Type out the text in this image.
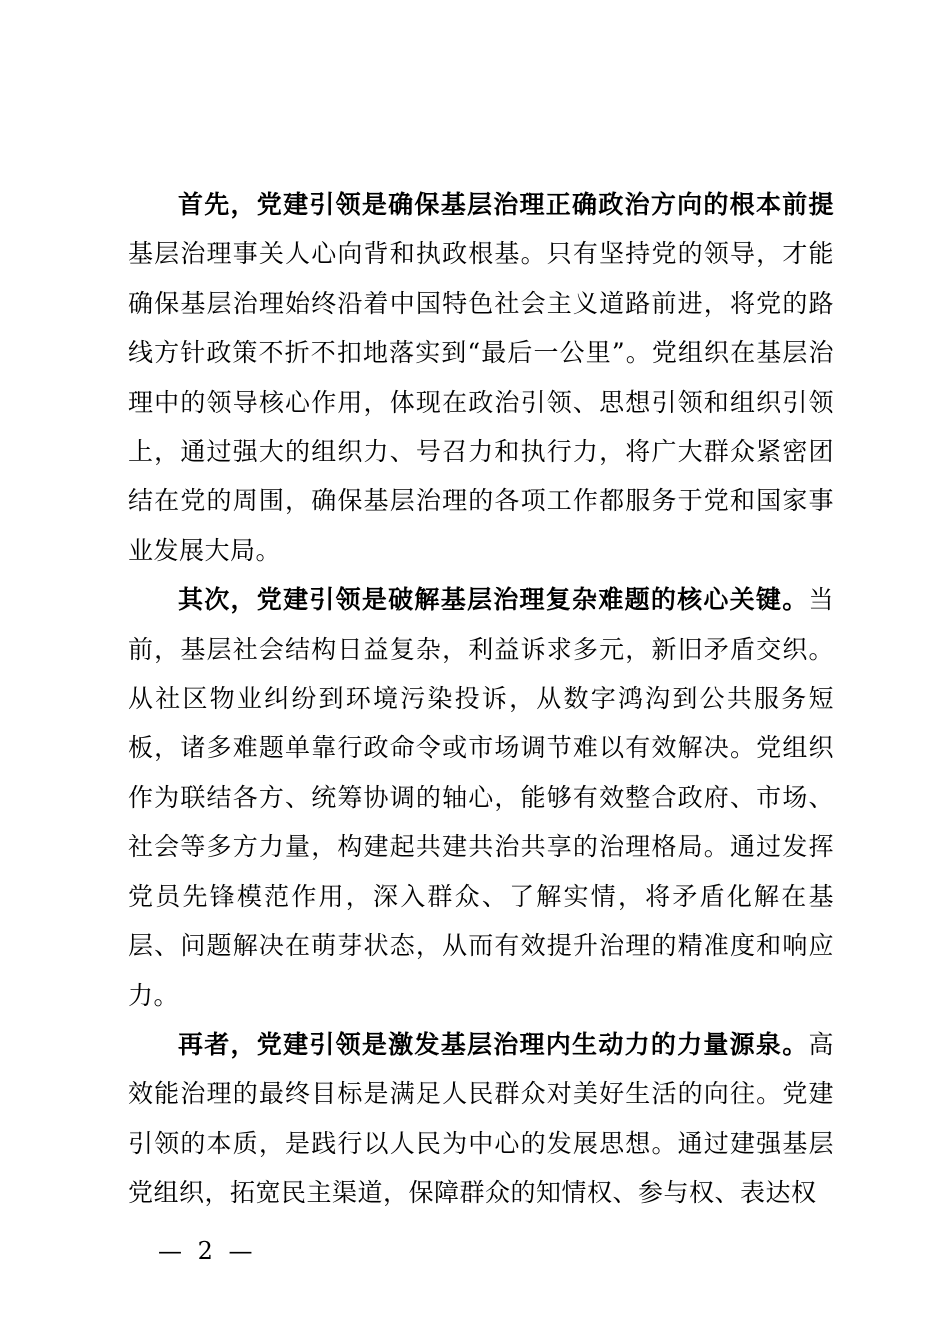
首先，党建引领是确保基层治理正确政治方向的根本前提基层治理事关人心向背和执政根基。只有坚持党的领导，才能确保基层治理始终沿着中国特色社会主义道路前进，将党的路线方针政策不折不扣地落实到“最后一公里”。党组织在基层治理中的领导核心作用，体现在政治引领、思想引领和组织引领上，通过强大的组织力、号召力和执行力，将广大群众紧密团结在党的周围，确保基层治理的各项工作都服务于党和国家事业发展大局。

其次，党建引领是破解基层治理复杂难题的核心关键。当前，基层社会结构日益复杂，利益诉求多元，新旧矛盾交织。从社区物业纠纷到环境污染投诉，从数字鸿沟到公共服务短板，诸多难题单靠行政命令或市场调节难以有效解决。党组织作为联结各方、统筹协调的轴心，能够有效整合政府、市场、社会等多方力量，构建起共建共治共享的治理格局。通过发挥党员先锋模范作用，深入群众、了解实情，将矛盾化解在基层、问题解决在萌芽状态，从而有效提升治理的精准度和响应力。

再者，党建引领是激发基层治理内生动力的力量源泉。高效能治理的最终目标是满足人民群众对美好生活的向往。党建引领的本质，是践行以人民为中心的发展思想。通过建强基层党组织，拓宽民主渠道，保障群众的知情权、参与权、表达权

— 2 —
